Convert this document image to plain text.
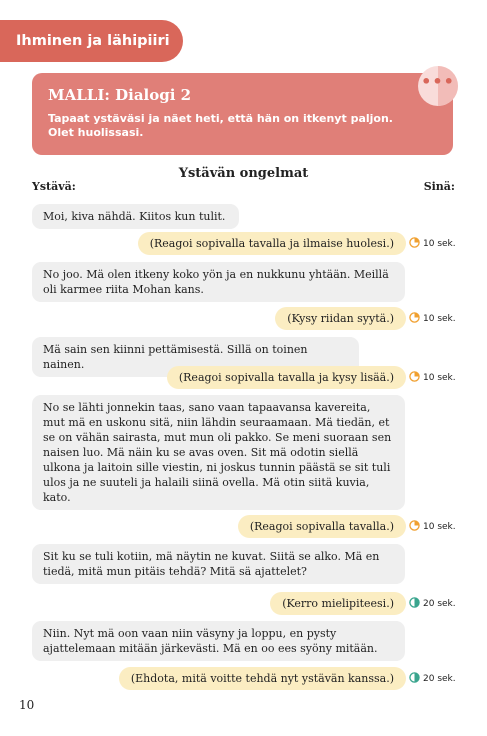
Ihminen ja lähipiiri
MALLI: Dialogi 2
Tapaat ystäväsi ja näet heti, että hän on itkenyt paljon. Olet huolissasi.
•••
Ystävän ongelmat
Ystävä:	Sinä:
Moi, kiva nähdä. Kiitos kun tulit.
No joo. Mä olen itkeny koko yön ja en nukkunu yhtään. Meillä oli karmee riita Mohan kans.
Mä sain sen kiinni pettämisestä. Sillä on toinen nainen.
No se lähti jonnekin taas, sano vaan tapaavansa kavereita, mut mä en uskonu sitä, niin lähdin seuraamaan. Mä tiedän, et se on vähän sairasta, mut mun oli pakko. Se meni suoraan sen naisen luo. Mä näin ku se avas oven. Sit mä odotin siellä ulkona ja laitoin sille viestin, ni joskus tunnin päästä se sit tuli ulos ja ne suuteli ja halaili siinä ovella. Mä otin siitä kuvia, kato.
Sit ku se tuli kotiin, mä näytin ne kuvat. Siitä se alko. Mä en tiedä, mitä mun pitäis tehdä? Mitä sä ajattelet?
Niin. Nyt mä oon vaan niin väsyny ja loppu, en pysty ajattelemaan mitään järkevästi. Mä en oo ees syöny mitään.
(Reagoi sopivalla tavalla ja ilmaise huolesi.)
(Kysy riidan syytä.)
(Reagoi sopivalla tavalla ja kysy lisää.)
(Reagoi sopivalla tavalla.)
(Kerro mielipiteesi.)
(Ehdota, mitä voitte tehdä nyt ystävän kanssa.)
10 sek.
10 sek.
10 sek.
10 sek.
20 sek.
20 sek.
10
